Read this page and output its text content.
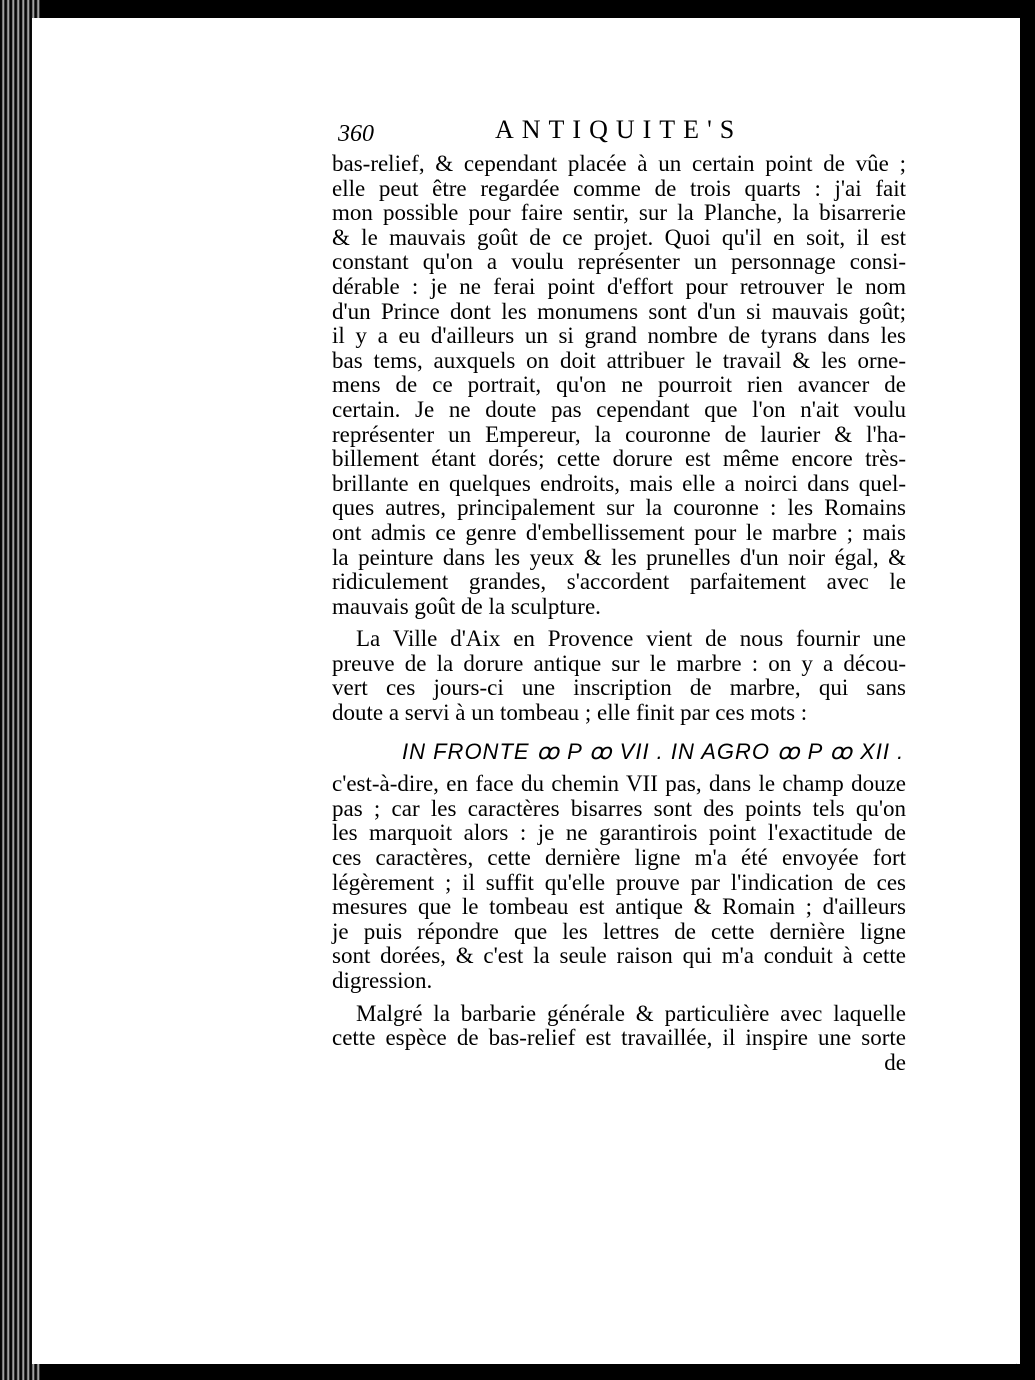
360	ANTIQUITE'S
bas-relief, & cependant placée à un certain point de vûe ;
elle peut être regardée comme de trois quarts : j'ai fait
mon possible pour faire sentir, sur la Planche, la bisarrerie
& le mauvais goût de ce projet. Quoi qu'il en soit, il est
constant qu'on a voulu représenter un personnage consi-
dérable : je ne ferai point d'effort pour retrouver le nom
d'un Prince dont les monumens sont d'un si mauvais goût;
il y a eu d'ailleurs un si grand nombre de tyrans dans les
bas tems, auxquels on doit attribuer le travail & les orne-
mens de ce portrait, qu'on ne pourroit rien avancer de
certain. Je ne doute pas cependant que l'on n'ait voulu
représenter un Empereur, la couronne de laurier & l'ha-
billement étant dorés; cette dorure est même encore très-
brillante en quelques endroits, mais elle a noirci dans quel-
ques autres, principalement sur la couronne : les Romains
ont admis ce genre d'embellissement pour le marbre ; mais
la peinture dans les yeux & les prunelles d'un noir égal, &
ridiculement grandes, s'accordent parfaitement avec le
mauvais goût de la sculpture.
La Ville d'Aix en Provence vient de nous fournir une
preuve de la dorure antique sur le marbre : on y a décou-
vert ces jours-ci une inscription de marbre, qui sans
doute a servi à un tombeau ; elle finit par ces mots :
IN FRONTE ꝏ P ꝏ VII . IN AGRO ꝏ P ꝏ XII .
c'est-à-dire, en face du chemin VII pas, dans le champ douze
pas ; car les caractères bisarres sont des points tels qu'on
les marquoit alors : je ne garantirois point l'exactitude de
ces caractères, cette dernière ligne m'a été envoyée fort
légèrement ; il suffit qu'elle prouve par l'indication de ces
mesures que le tombeau est antique & Romain ; d'ailleurs
je puis répondre que les lettres de cette dernière ligne
sont dorées, & c'est la seule raison qui m'a conduit à cette
digression.
Malgré la barbarie générale & particulière avec laquelle
cette espèce de bas-relief est travaillée, il inspire une sorte
de
